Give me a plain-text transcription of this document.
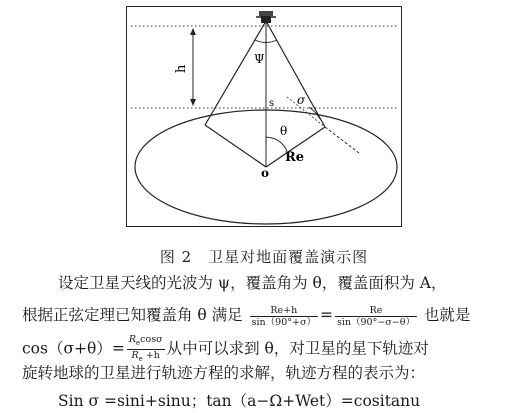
h
Ψ
s σ
θ
Re
o
图 2　卫星对地面覆盖演示图
设定卫星天线的光波为 ψ，覆盖角为 θ，覆盖面积为 A，
根据正弦定理已知覆盖角 θ 满足 $\frac{Re+h}{\sin(90^\circ+\sigma)} = \frac{Re}{\sin(90^\circ-\sigma-\theta)}$ 也就是
$\cos(\sigma+\theta)= \frac{R_e\cos\sigma}{R_e +h}$ 从中可以求到 θ，对卫星的星下轨迹对
旋转地球的卫星进行轨迹方程的求解，轨迹方程的表示为：
Sin σ =sini+sinu；tan（a−Ω+Wet）=cositanu
